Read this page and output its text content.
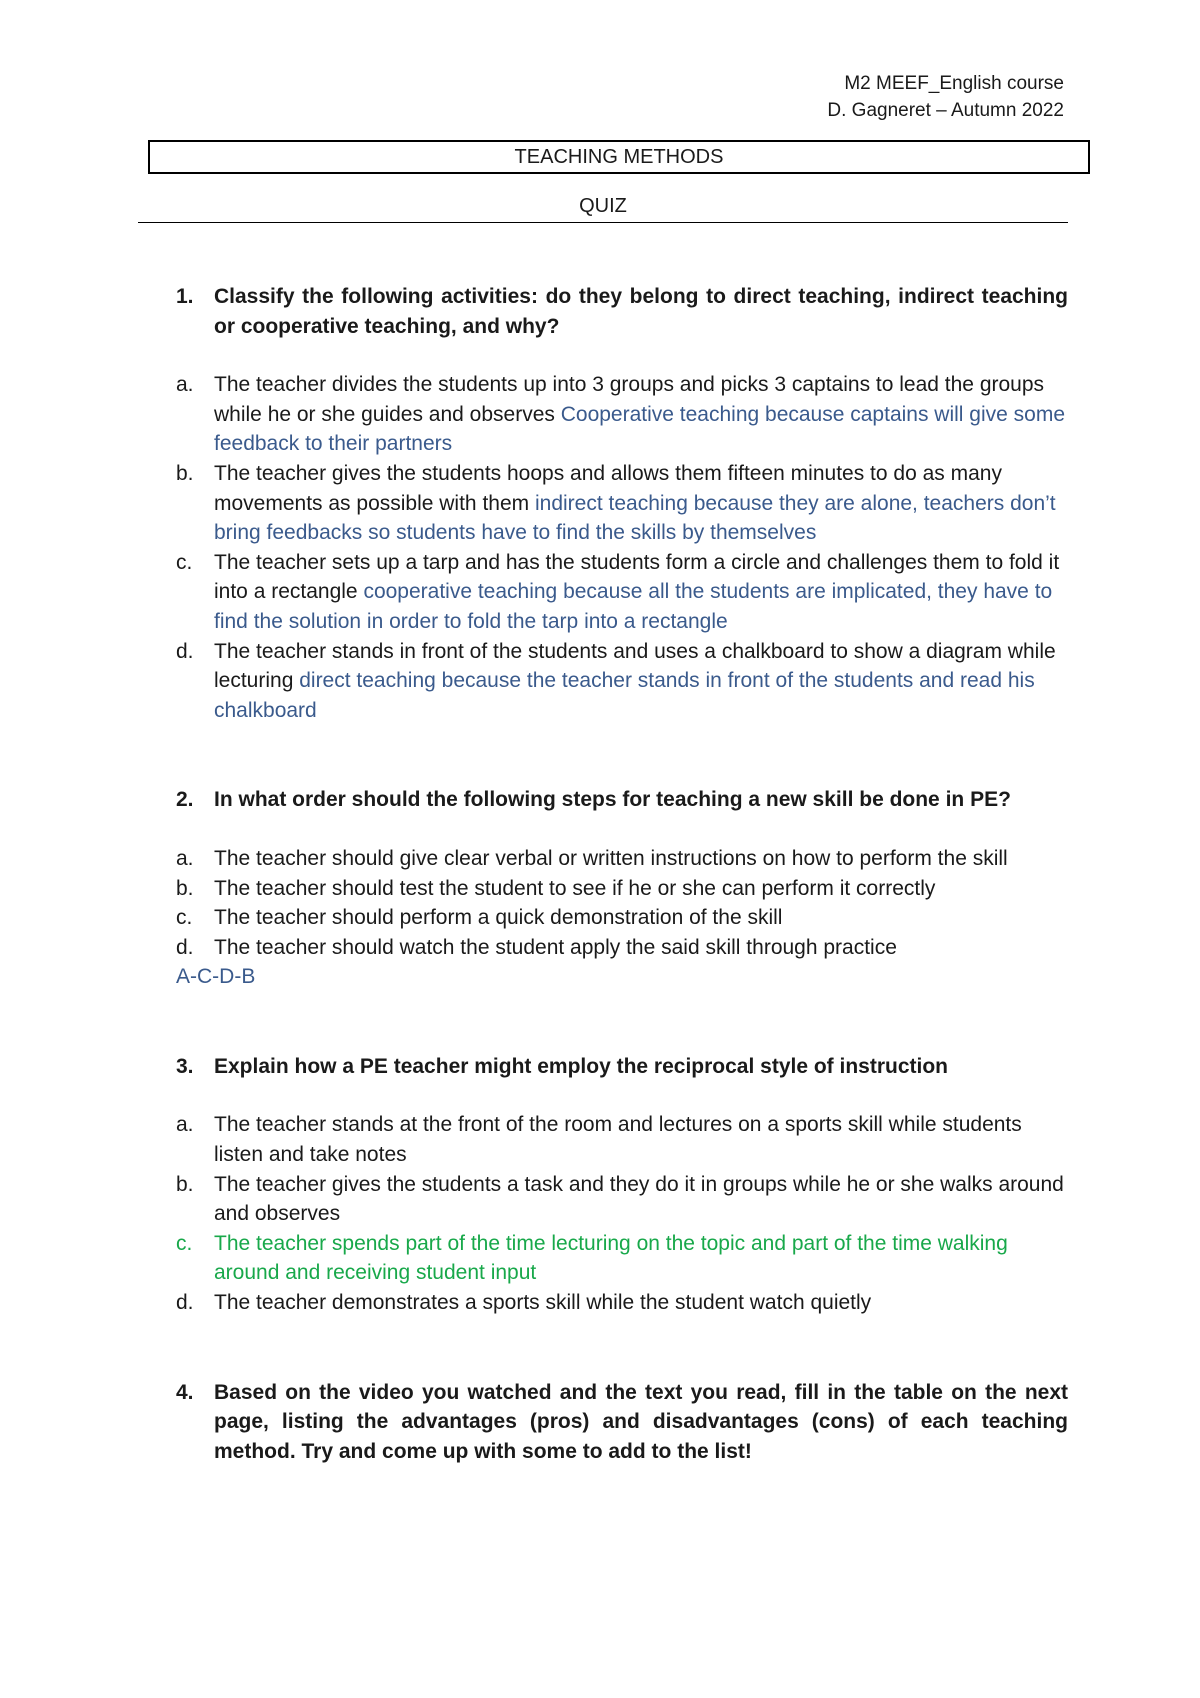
M2 MEEF_English course
D. Gagneret – Autumn 2022
TEACHING METHODS
QUIZ
1. Classify the following activities: do they belong to direct teaching, indirect teaching or cooperative teaching, and why?
a. The teacher divides the students up into 3 groups and picks 3 captains to lead the groups while he or she guides and observes Cooperative teaching because captains will give some feedback to their partners
b. The teacher gives the students hoops and allows them fifteen minutes to do as many movements as possible with them indirect teaching because they are alone, teachers don’t bring feedbacks so students have to find the skills by themselves
c.	The teacher sets up a tarp and has the students form a circle and challenges them to fold it into a rectangle cooperative teaching because all the students are implicated, they have to find the solution in order to fold the tarp into a rectangle
d. The teacher stands in front of the students and uses a chalkboard to show a diagram while lecturing direct teaching because the teacher stands in front of the students and read his chalkboard
2. In what order should the following steps for teaching a new skill be done in PE?
a. The teacher should give clear verbal or written instructions on how to perform the skill
b. The teacher should test the student to see if he or she can perform it correctly
c.	The teacher should perform a quick demonstration of the skill
d. The teacher should watch the student apply the said skill through practice
A-C-D-B
3. Explain how a PE teacher might employ the reciprocal style of instruction
a. The teacher stands at the front of the room and lectures on a sports skill while students listen and take notes
b. The teacher gives the students a task and they do it in groups while he or she walks around and observes
c.	The teacher spends part of the time lecturing on the topic and part of the time walking around and receiving student input
d. The teacher demonstrates a sports skill while the student watch quietly
4. Based on the video you watched and the text you read, fill in the table on the next page, listing the advantages (pros) and disadvantages (cons) of each teaching method. Try and come up with some to add to the list!
